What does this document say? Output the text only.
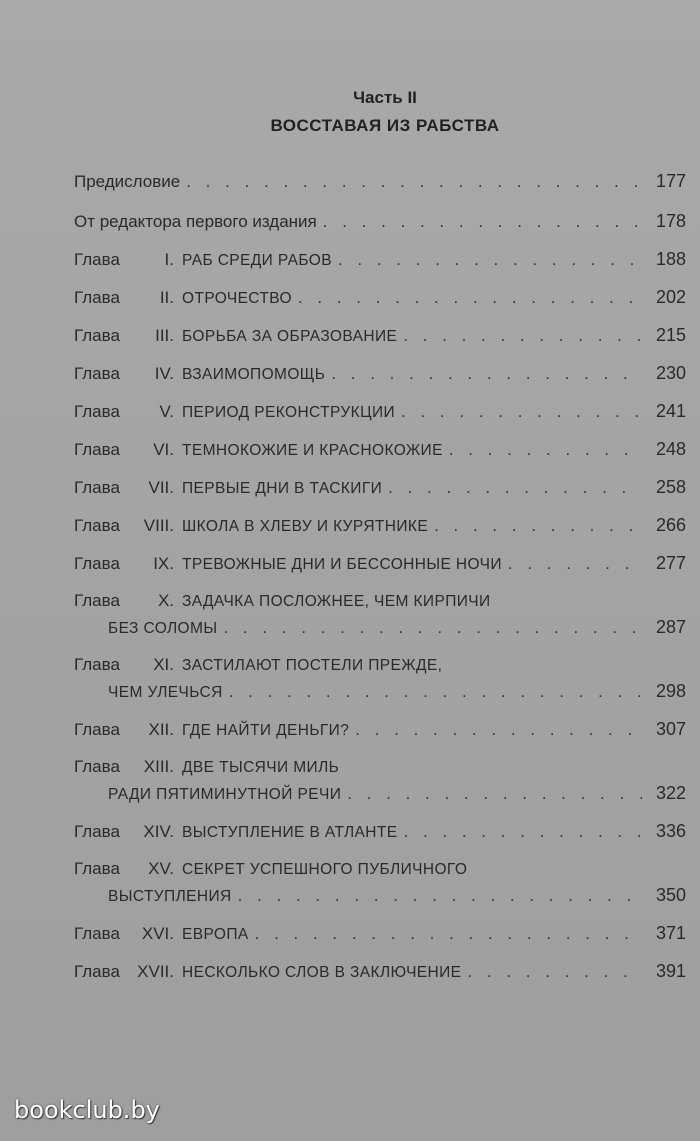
Часть II
ВОССТАВАЯ ИЗ РАБСТВА
Предисловие . . .	177
От редактора первого издания . . .	178
Глава	I. РАБ СРЕДИ РАБОВ . . .	188
Глава	II. ОТРОЧЕСТВО . . .	202
Глава	III. БОРЬБА ЗА ОБРАЗОВАНИЕ . . .	215
Глава	IV. ВЗАИМОПОМОЩЬ . . .	230
Глава	V. ПЕРИОД РЕКОНСТРУКЦИИ . . .	241
Глава	VI. ТЕМНОКОЖИЕ И КРАСНОКОЖИЕ . . .	248
Глава	VII. ПЕРВЫЕ ДНИ В ТАСКИГИ . . .	258
Глава	VIII. ШКОЛА В ХЛЕВУ И КУРЯТНИКЕ . . .	266
Глава	IX. ТРЕВОЖНЫЕ ДНИ И БЕССОННЫЕ НОЧИ . . .	277
Глава	X. ЗАДАЧКА ПОСЛОЖНЕЕ, ЧЕМ КИРПИЧИ
БЕЗ СОЛОМЫ . . .	287
Глава	XI. ЗАСТИЛАЮТ ПОСТЕЛИ ПРЕЖДЕ,
ЧЕМ УЛЕЧЬСЯ . . .	298
Глава	XII. ГДЕ НАЙТИ ДЕНЬГИ? . . .	307
Глава	XIII. ДВЕ ТЫСЯЧИ МИЛЬ
РАДИ ПЯТИМИНУТНОЙ РЕЧИ . . .	322
Глава	XIV. ВЫСТУПЛЕНИЕ В АТЛАНТЕ . . .	336
Глава	XV. СЕКРЕТ УСПЕШНОГО ПУБЛИЧНОГО
ВЫСТУПЛЕНИЯ . . .	350
Глава	XVI. ЕВРОПА . . .	371
Глава	XVII. НЕСКОЛЬКО СЛОВ В ЗАКЛЮЧЕНИЕ . . .	391
bookclub.by
